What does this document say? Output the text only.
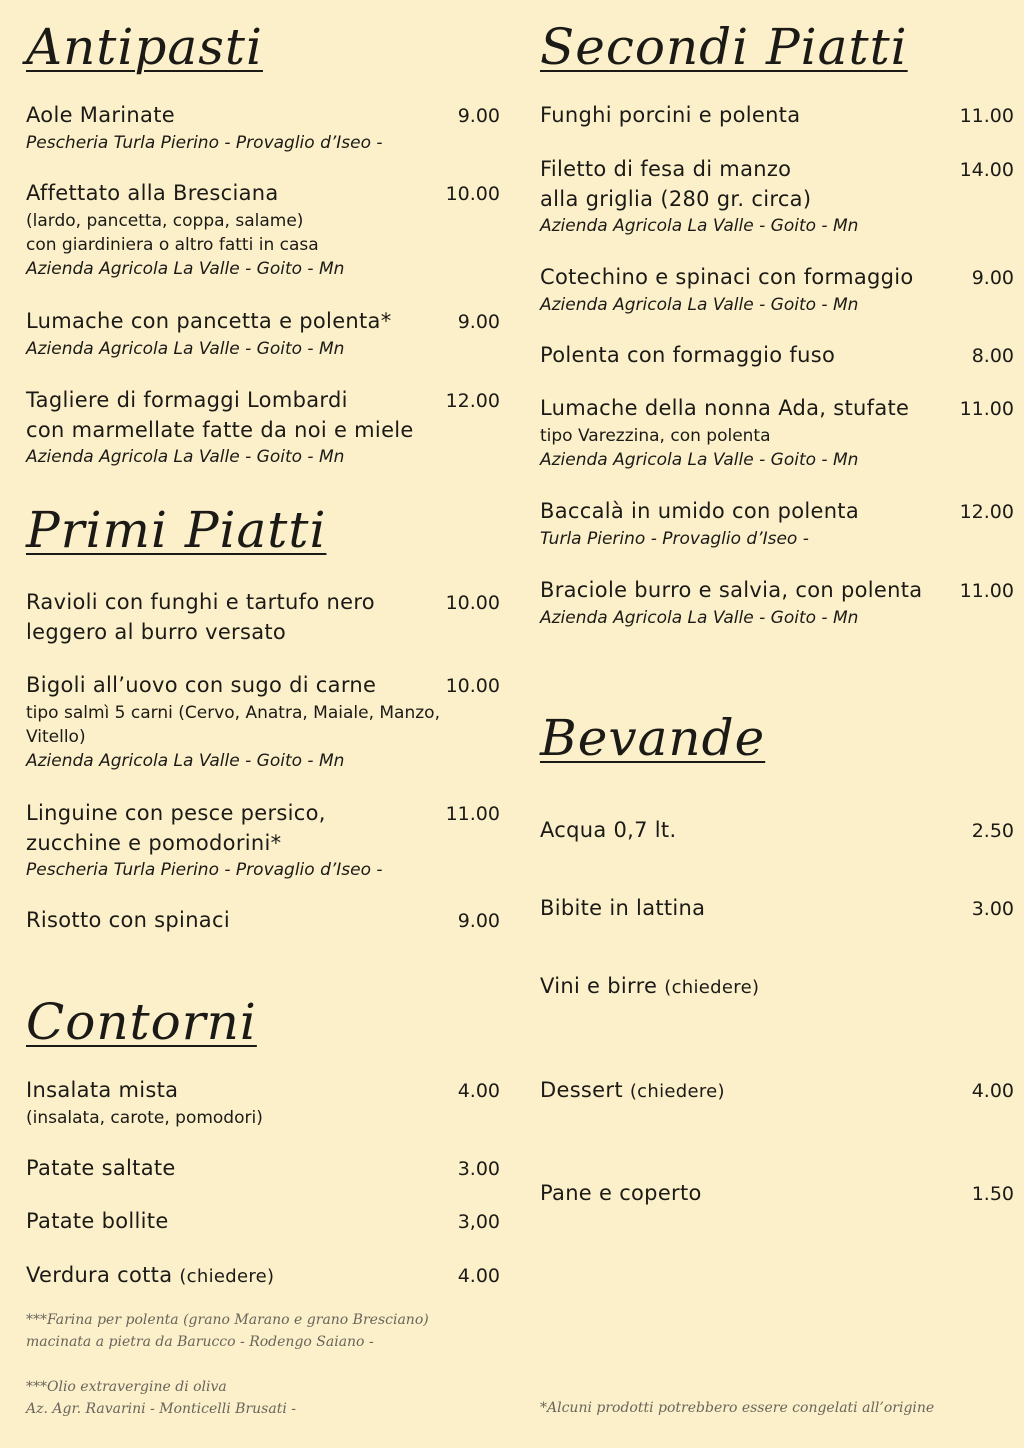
Antipasti
Aole Marinate	9.00
Pescheria Turla Pierino - Provaglio d’Iseo -
Affettato alla Bresciana	10.00
(lardo, pancetta, coppa, salame)
con giardiniera o altro fatti in casa
Azienda Agricola La Valle - Goito - Mn
Lumache con pancetta e polenta*	9.00
Azienda Agricola La Valle - Goito - Mn
Tagliere di formaggi Lombardi	12.00
con marmellate fatte da noi e miele
Azienda Agricola La Valle - Goito - Mn
Primi Piatti
Ravioli con funghi e tartufo nero	10.00
leggero al burro versato
Bigoli all’uovo con sugo di carne	10.00
tipo salmì 5 carni (Cervo, Anatra, Maiale, Manzo,
Vitello)
Azienda Agricola La Valle - Goito - Mn
Linguine con pesce persico,	11.00
zucchine e pomodorini*
Pescheria Turla Pierino - Provaglio d’Iseo -
Risotto con spinaci	9.00
Contorni
Insalata mista	4.00
(insalata, carote, pomodori)
Patate saltate	3.00
Patate bollite	3,00
Verdura cotta (chiedere)	4.00
***Farina per polenta (grano Marano e grano Bresciano)
macinata a pietra da Barucco - Rodengo Saiano -
***Olio extravergine di oliva
Az. Agr. Ravarini - Monticelli Brusati -
Secondi Piatti
Funghi porcini e polenta	11.00
Filetto di fesa di manzo	14.00
alla griglia (280 gr. circa)
Azienda Agricola La Valle - Goito - Mn
Cotechino e spinaci con formaggio	9.00
Azienda Agricola La Valle - Goito - Mn
Polenta con formaggio fuso	8.00
Lumache della nonna Ada, stufate	11.00
tipo Varezzina, con polenta
Azienda Agricola La Valle - Goito - Mn
Baccalà in umido con polenta	12.00
Turla Pierino - Provaglio d’Iseo -
Braciole burro e salvia, con polenta 11.00
Azienda Agricola La Valle - Goito - Mn
Bevande
Acqua 0,7 lt.	2.50
Bibite in lattina	3.00
Vini e birre (chiedere)
Dessert (chiedere)	4.00
Pane e coperto	1.50
*Alcuni prodotti potrebbero essere congelati all’origine
